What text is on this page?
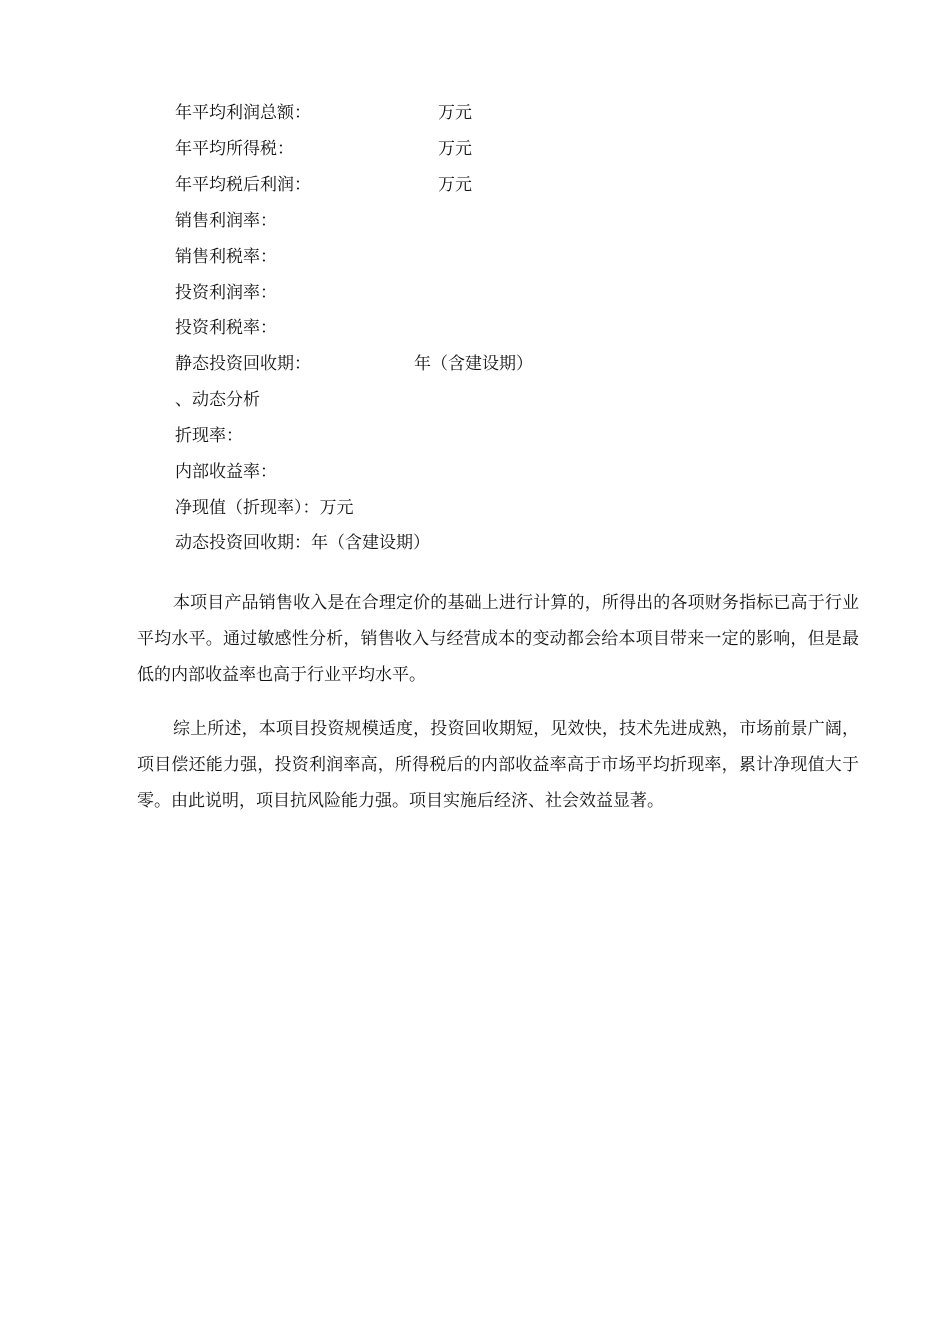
年平均利润总额：	万元
年平均所得税：	万元
年平均税后利润：	万元
销售利润率：
销售利税率：
投资利润率：
投资利税率：
静态投资回收期：	年（含建设期）
、动态分析
折现率：
内部收益率：
净现值（折现率）：万元
动态投资回收期：年（含建设期）

本项目产品销售收入是在合理定价的基础上进行计算的，所得出的各项财务指标已高于行业平均水平。通过敏感性分析，销售收入与经营成本的变动都会给本项目带来一定的影响，但是最低的内部收益率也高于行业平均水平。

综上所述，本项目投资规模适度，投资回收期短，见效快，技术先进成熟，市场前景广阔，项目偿还能力强，投资利润率高，所得税后的内部收益率高于市场平均折现率，累计净现值大于零。由此说明，项目抗风险能力强。项目实施后经济、社会效益显著。
